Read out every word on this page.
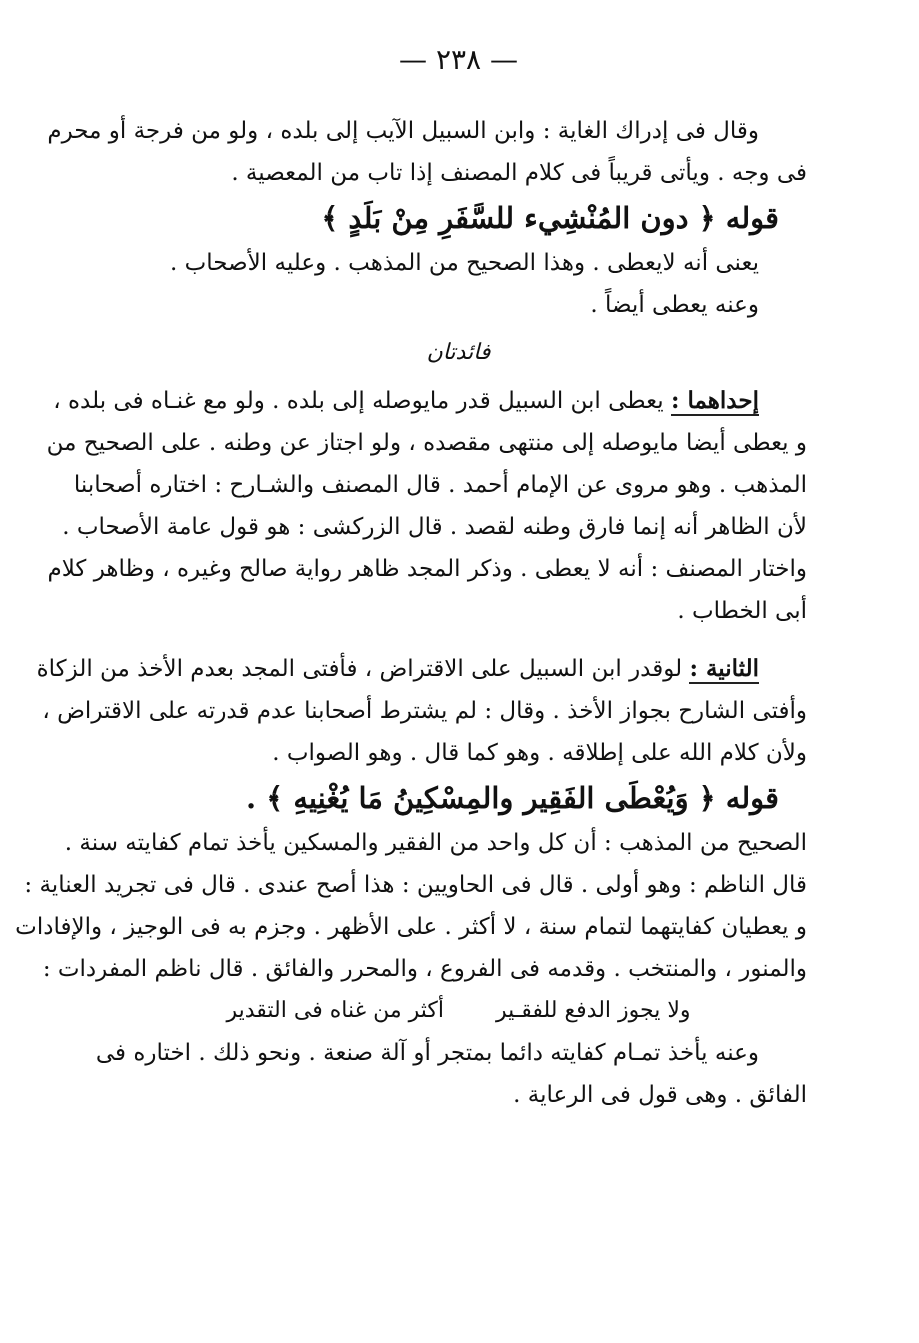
— ٢٣٨ —
وقال فى إدراك الغاية : وابن السبيل الآيب إلى بلده ، ولو من فرجة أو محرم
فى وجه . ويأتى قريباً فى كلام المصنف إذا تاب من المعصية .
قوله ﴿ دون المُنْشِيء للسَّفَرِ مِنْ بَلَدٍ ﴾
يعنى أنه لايعطى . وهذا الصحيح من المذهب . وعليه الأصحاب .
وعنه يعطى أيضاً .
فائدتان
إحداهما : يعطى ابن السبيل قدر مايوصله إلى بلده . ولو مع غنـاه فى بلده ،
و يعطى أيضا مايوصله إلى منتهى مقصده ، ولو اجتاز عن وطنه . على الصحيح من
المذهب . وهو مروى عن الإمام أحمد . قال المصنف والشـارح : اختاره أصحابنا
لأن الظاهر أنه إنما فارق وطنه لقصد . قال الزركشى : هو قول عامة الأصحاب .
واختار المصنف : أنه لا يعطى . وذكر المجد ظاهر رواية صالح وغيره ، وظاهر كلام
أبى الخطاب .
الثانية : لوقدر ابن السبيل على الاقتراض ، فأفتى المجد بعدم الأخذ من الزكاة
وأفتى الشارح بجواز الأخذ . وقال : لم يشترط أصحابنا عدم قدرته على الاقتراض ،
ولأن كلام الله على إطلاقه . وهو كما قال . وهو الصواب .
قوله ﴿ وَيُعْطَى الفَقِير والمِسْكِينُ مَا يُغْنِيهِ ﴾ .
الصحيح من المذهب : أن كل واحد من الفقير والمسكين يأخذ تمام كفايته سنة .
قال الناظم : وهو أولى . قال فى الحاويين : هذا أصح عندى . قال فى تجريد العناية :
و يعطيان كفايتهما لتمام سنة ، لا أكثر . على الأظهر . وجزم به فى الوجيز ، والإفادات
والمنور ، والمنتخب . وقدمه فى الفروع ، والمحرر والفائق . قال ناظم المفردات :
ولا يجوز الدفع للفقـير
أكثر من غناه فى التقدير
وعنه يأخذ تمـام كفايته دائما بمتجر أو آلة صنعة . ونحو ذلك . اختاره فى
الفائق . وهى قول فى الرعاية .
